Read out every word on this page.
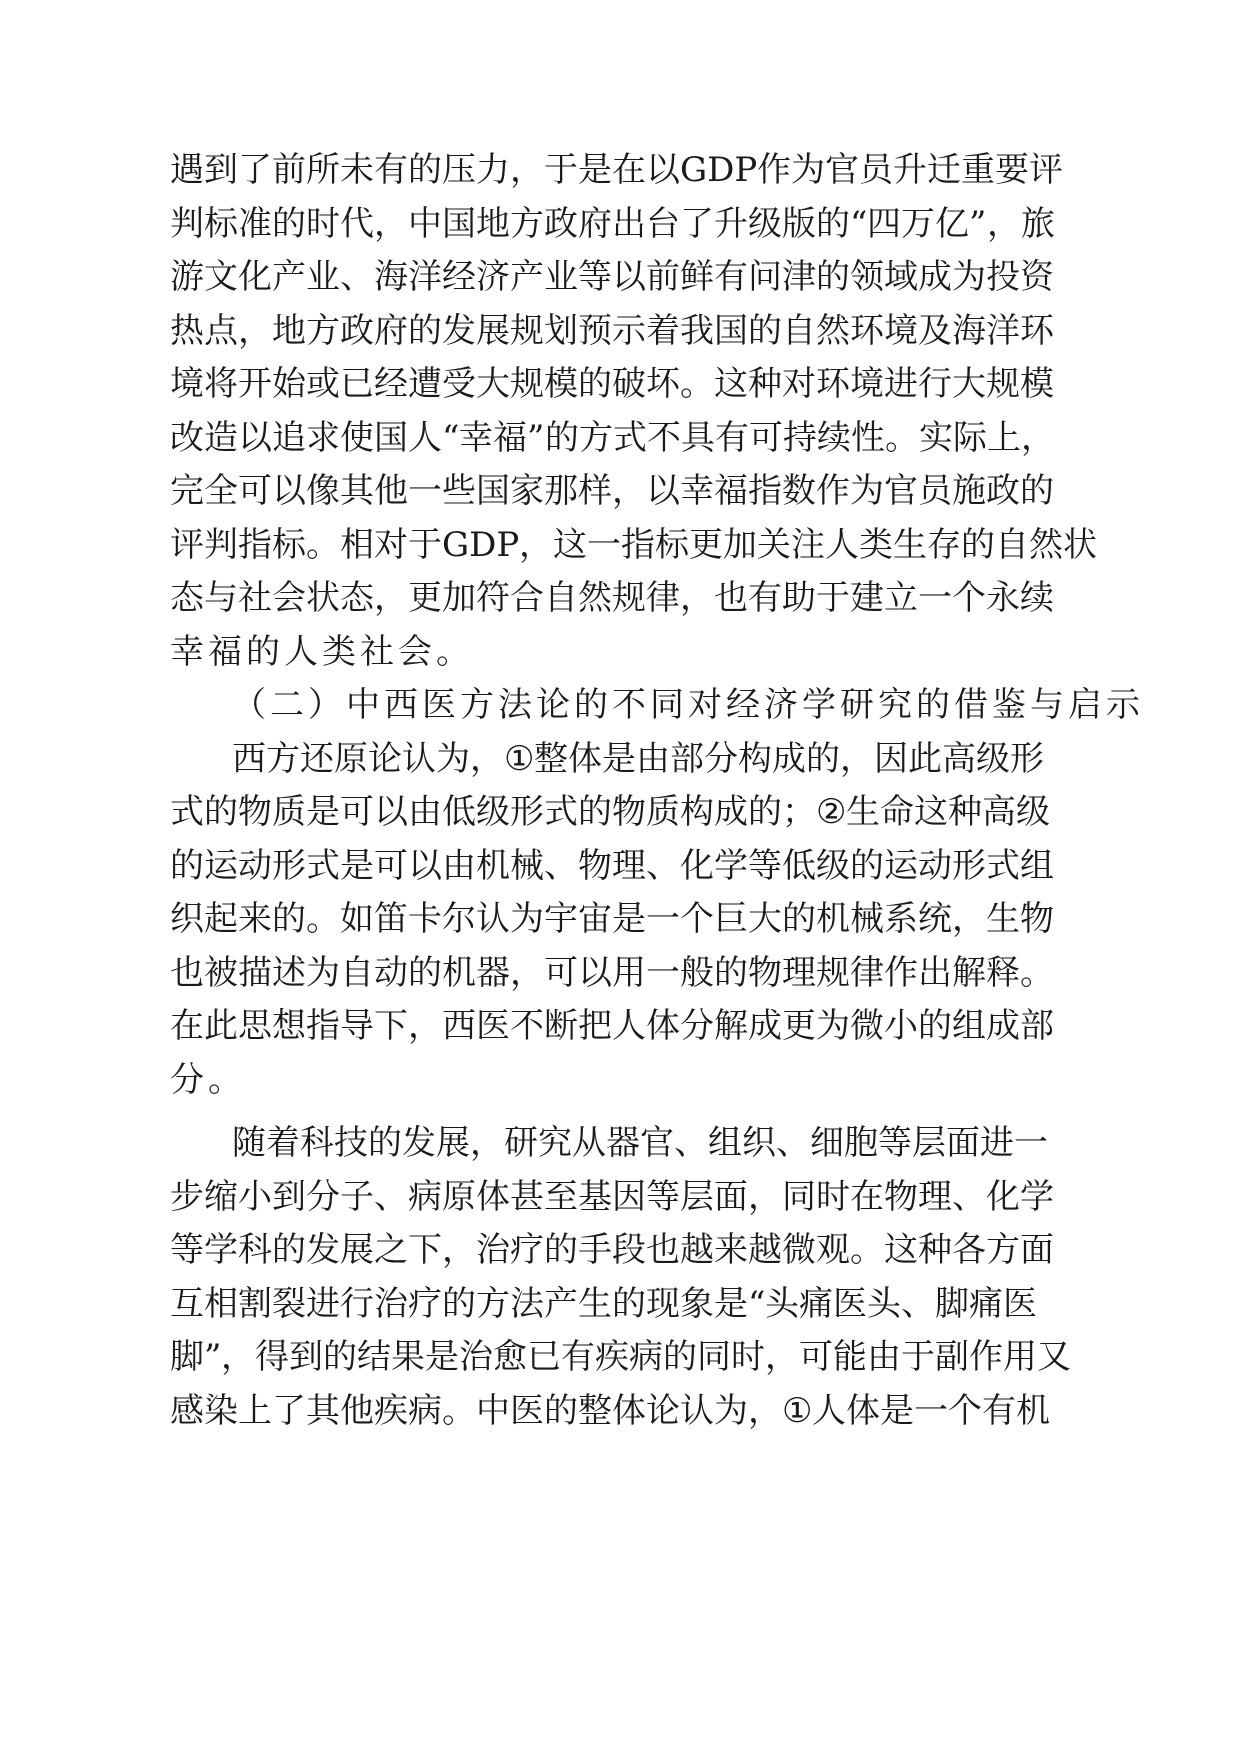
遇 到 了 前 所 未 有 的 压 力 ， 于 是 在 以 GDP 作 为 官 员 升 迁 重 要 评
判 标 准 的 时 代 ， 中 国 地 方 政 府 出 台 了 升 级 版 的 “ 四 万 亿 ” ， 旅
游 文 化 产 业 、 海 洋 经 济 产 业 等 以 前 鲜 有 问 津 的 领 域 成 为 投 资
热 点 ， 地 方 政 府 的 发 展 规 划 预 示 着 我 国 的 自 然 环 境 及 海 洋 环
境 将 开 始 或 已 经 遭 受 大 规 模 的 破 坏 。 这 种 对 环 境 进 行 大 规 模
改 造 以 追 求 使 国 人 “ 幸 福 ” 的 方 式 不 具 有 可 持 续 性 。 实 际 上 ，
完 全 可 以 像 其 他 一 些 国 家 那 样 ， 以 幸 福 指 数 作 为 官 员 施 政 的
评 判 指 标 。 相 对 于 GDP ， 这 一 指 标 更 加 关 注 人 类 生 存 的 自 然 状
态 与 社 会 状 态 ， 更 加 符 合 自 然 规 律 ， 也 有 助 于 建 立 一 个 永 续
幸 福 的 人 类 社 会 。
（ 二 ） 中 西 医 方 法 论 的 不 同 对 经 济 学 研 究 的 借 鉴 与 启 示
西 方 还 原 论 认 为 ， ① 整 体 是 由 部 分 构 成 的 ， 因 此 高 级 形
式 的 物 质 是 可 以 由 低 级 形 式 的 物 质 构 成 的 ； ② 生 命 这 种 高 级
的 运 动 形 式 是 可 以 由 机 械 、 物 理 、 化 学 等 低 级 的 运 动 形 式 组
织 起 来 的 。 如 笛 卡 尔 认 为 宇 宙 是 一 个 巨 大 的 机 械 系 统 ， 生 物
也 被 描 述 为 自 动 的 机 器 ， 可 以 用 一 般 的 物 理 规 律 作 出 解 释 。
在 此 思 想 指 导 下 ， 西 医 不 断 把 人 体 分 解 成 更 为 微 小 的 组 成 部
分 。
随 着 科 技 的 发 展 ， 研 究 从 器 官 、 组 织 、 细 胞 等 层 面 进 一
步 缩 小 到 分 子 、 病 原 体 甚 至 基 因 等 层 面 ， 同 时 在 物 理 、 化 学
等 学 科 的 发 展 之 下 ， 治 疗 的 手 段 也 越 来 越 微 观 。 这 种 各 方 面
互 相 割 裂 进 行 治 疗 的 方 法 产 生 的 现 象 是 “ 头 痛 医 头 、 脚 痛 医
脚 ” ， 得 到 的 结 果 是 治 愈 已 有 疾 病 的 同 时 ， 可 能 由 于 副 作 用 又
感 染 上 了 其 他 疾 病 。 中 医 的 整 体 论 认 为 ， ① 人 体 是 一 个 有 机
